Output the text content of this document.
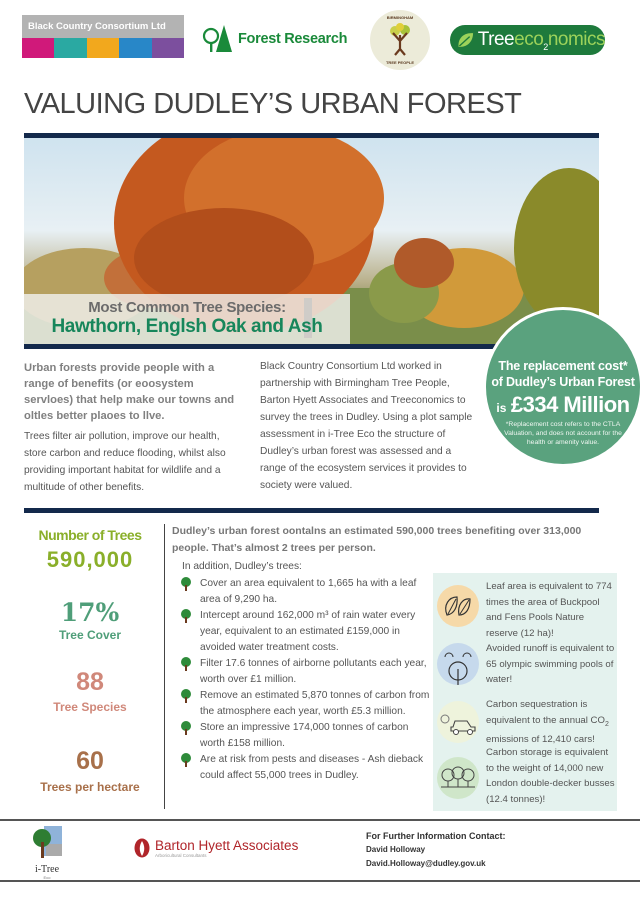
Black Country Consortium Ltd
Forest Research
BIRMINGHAM
TREE PEOPLE
Treeeco$_2$nomics
VALUING DUDLEY’S URBAN FOREST
Most Common Tree Species:
Hawthorn, Englsh Oak and Ash
The replacement cost*
of Dudley’s Urban Forest
is £334 Million
*Replacement cost refers to the CTLA Valuation, and does not account for the health or amenity value.
Urban forests provide people with a range of benefits (or eoosystem servloes) that help make our towns and oltles better plaoes to llve.
Trees filter air pollution, improve our health, store carbon and reduce flooding, whilst also providing important habitat for wildlife and a multitude of other benefits.
Black Country Consortium Ltd worked in partnership with Birmingham Tree People, Barton Hyett Associates and Treeconomics to survey the trees in Dudley. Using a plot sample assessment in i-Tree Eco the structure of Dudley’s urban forest was assessed and a range of the ecosystem services it provides to society were valued.
Number of Trees
590,000
17%
Tree Cover
88
Tree Species
60
Trees per hectare
Dudley’s urban forest oontalns an estimated 590,000 trees benefiting over 313,000 people. That’s almost 2 trees per person.
In addition, Dudley’s trees:
Cover an area equivalent to 1,665 ha with a leaf area of 9,290 ha.
Intercept around 162,000 m³ of rain water every year, equivalent to an estimated £159,000 in avoided water treatment costs.
Filter 17.6 tonnes of airborne pollutants each year, worth over £1 million.
Remove an estimated 5,870 tonnes of carbon from the atmosphere each year, worth £5.3 million.
Store an impressive 174,000 tonnes of carbon worth £158 million.
Are at risk from pests and diseases - Ash dieback could affect 55,000 trees in Dudley.
Leaf area is equivalent to 774 times the area of Buckpool and Fens Pools Nature reserve (12 ha)!
Avoided runoff is equivalent to 65 olympic swimming pools of water!
Carbon sequestration is equivalent to the annual $CO_2$ emissions of 12,410 cars!
Carbon storage is equivalent to the weight of 14,000 new London double-decker busses (12.4 tonnes)!
i-Tree
Eco
Barton Hyett Associates
Arboricultural Consultants
For Further Information Contact:
David Holloway
David.Holloway@dudley.gov.uk
